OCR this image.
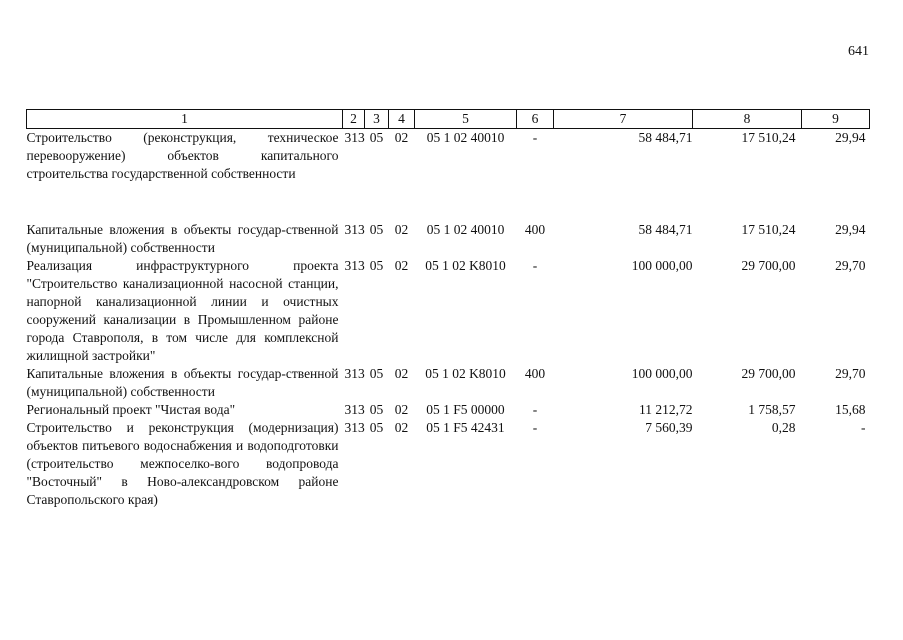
641
1	2	3	4	5	6	7	8	9
Строительство (реконструкция, техническое перевооружение) объектов капитального строительства государственной собственности	313	05	02	05 1 02 40010	-	58 484,71	17 510,24	29,94

Капитальные вложения в объекты государ-ственной (муниципальной) собственности	313	05	02	05 1 02 40010	400	58 484,71	17 510,24	29,94
Реализация инфраструктурного проекта "Строительство канализационной насосной станции, напорной канализационной линии и очистных сооружений канализации в Промышленном районе города Ставрополя, в том числе для комплексной жилищной застройки"	313	05	02	05 1 02 K8010	-	100 000,00	29 700,00	29,70
Капитальные вложения в объекты государ-ственной (муниципальной) собственности	313	05	02	05 1 02 K8010	400	100 000,00	29 700,00	29,70
Региональный проект "Чистая вода"	313	05	02	05 1 F5 00000	-	11 212,72	1 758,57	15,68
Строительство и реконструкция (модернизация) объектов питьевого водоснабжения и водоподготовки (строительство межпоселко-вого водопровода "Восточный" в Ново-александровском районе Ставропольского края)	313	05	02	05 1 F5 42431	-	7 560,39	0,28	-
